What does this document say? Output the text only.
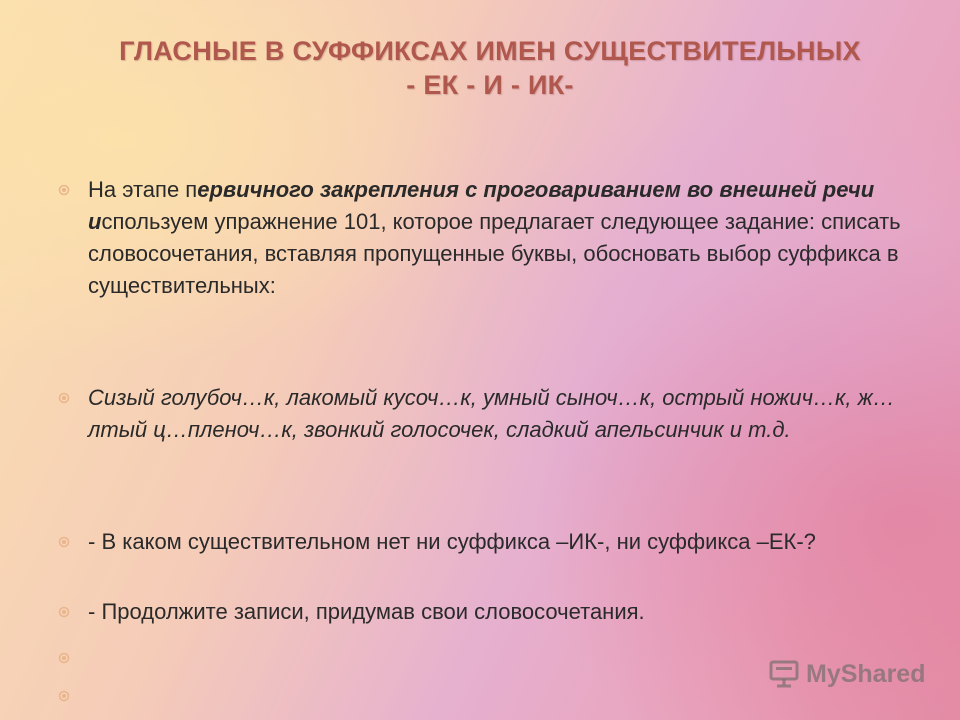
ГЛАСНЫЕ В СУФФИКСАХ ИМЕН СУЩЕСТВИТЕЛЬНЫХ
- ЕК - И - ИК-
На этапе первичного закрепления с проговариванием во внешней речи используем упражнение 101, которое предлагает следующее задание: списать словосочетания, вставляя пропущенные буквы, обосновать выбор суффикса в существительных:
Сизый голубоч…к, лакомый кусоч…к, умный сыноч…к, острый ножич…к, ж…лтый ц…пленоч…к, звонкий голосочек, сладкий апельсинчик и т.д.
- В каком существительном нет ни суффикса –ИК-, ни суффикса –ЕК-?
- Продолжите записи, придумав свои словосочетания.
MyShared
